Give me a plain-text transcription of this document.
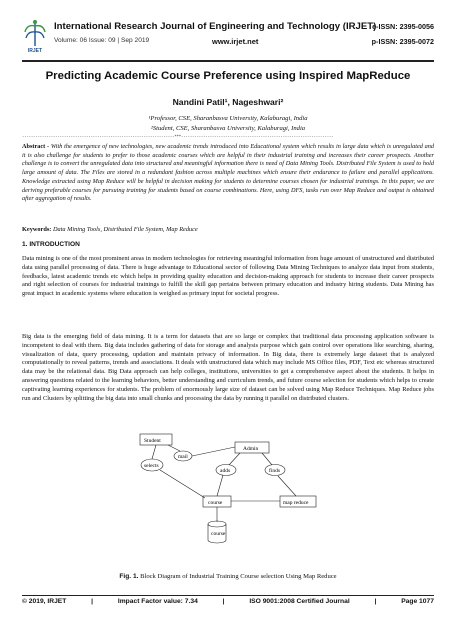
IRJET
International Research Journal of Engineering and Technology (IRJET)
Volume: 06 Issue: 09 | Sep 2019	www.irjet.net
e-ISSN: 2395-0056
p-ISSN: 2395-0072
Predicting Academic Course Preference using Inspired MapReduce
Nandini Patil¹, Nageshwari²
¹Professor, CSE, Sharanbasva University, Kalaburagi, India
²Student, CSE, Sharanbasva University, Kalaburagi, India
---------------------------------------------------------------------***---------------------------------------------------------------------
Abstract - With the emergence of new technologies, new academic trends introduced into Educational system which results in large data which is unregulated and it is also challenge for students to prefer to those academic courses which are helpful in their industrial training and increases their career prospects. Another challenge is to convert the unregulated data into structured and meaningful information there is need of Data Mining Tools. Distributed File System is used to hold large amount of data. The Files are stored in a redundant fashion across multiple machines which ensure their endurance to failure and parallel applications. Knowledge extracted using Map Reduce will be helpful in decision making for students to determine courses chosen for industrial trainings. In this paper, we are deriving preferable courses for pursuing training for students based on course combinations. Here, using DFS, tasks run over Map Reduce and output is obtained after aggregation of results.
Keywords: Data Mining Tools, Distributed File System, Map Reduce
1. INTRODUCTION
Data mining is one of the most prominent areas in modern technologies for retrieving meaningful information from huge amount of unstructured and distributed data using parallel processing of data. There is huge advantage to Educational sector of following Data Mining Techniques to analyze data input from students, feedbacks, latest academic trends etc which helps in providing quality education and decision-making approach for students to increase their career prospects and right selection of courses for industrial trainings to fulfill the skill gap pertains between primary education and industry hiring students. Data Mining has great impact in academic systems where education is weighed as primary input for societal progress.
Big data is the emerging field of data mining. It is a term for datasets that are so large or complex that traditional data processing application software is incompetent to deal with them. Big data includes gathering of data for storage and analysis purpose which gain control over operations like searching, sharing, visualization of data, query processing, updation and maintain privacy of information. In Big data, there is extremely large dataset that is analyzed computationally to reveal patterns, trends and associations. It deals with unstructured data which may include MS Office files, PDF, Text etc whereas structured data may be the relational data. Big Data approach can help colleges, institutions, universities to get a comprehensive aspect about the students. It helps in answering questions related to the learning behaviors, better understanding and curriculum trends, and future course selection for students which helps to create captivating learning experiences for students. The problem of enormously large size of dataset can be solved using Map Reduce Techniques. Map Reduce jobs run and Clusters by splitting the big data into small chunks and processing the data by running it parallel on distributed clusters.
Student
selects
mail
Admin
adds	finds
course	map reduce
course
Fig. 1. Block Diagram of Industrial Training Course selection Using Map Reduce
© 2019, IRJET	|	Impact Factor value: 7.34	|	ISO 9001:2008 Certified Journal	|	Page 1077
